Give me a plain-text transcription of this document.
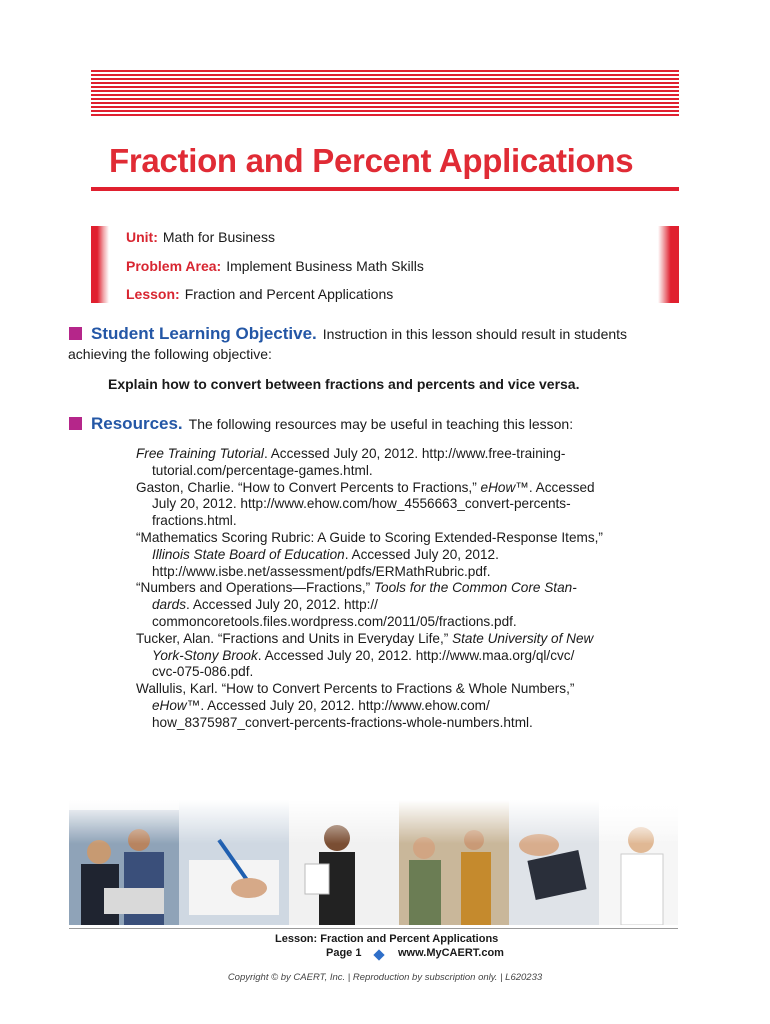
Fraction and Percent Applications
Unit: Math for Business
Problem Area: Implement Business Math Skills
Lesson: Fraction and Percent Applications
Student Learning Objective. Instruction in this lesson should result in students
achieving the following objective:
Explain how to convert between fractions and percents and vice versa.
Resources. The following resources may be useful in teaching this lesson:
Free Training Tutorial. Accessed July 20, 2012. http://www.free-training-
tutorial.com/percentage-games.html.
Gaston, Charlie. “How to Convert Percents to Fractions,” eHow™. Accessed
July 20, 2012. http://www.ehow.com/how_4556663_convert-percents-
fractions.html.
“Mathematics Scoring Rubric: A Guide to Scoring Extended-Response Items,”
Illinois State Board of Education. Accessed July 20, 2012.
http://www.isbe.net/assessment/pdfs/ERMathRubric.pdf.
“Numbers and Operations—Fractions,” Tools for the Common Core Stan-
dards. Accessed July 20, 2012. http://
commoncoretools.files.wordpress.com/2011/05/fractions.pdf.
Tucker, Alan. “Fractions and Units in Everyday Life,” State University of New
York-Stony Brook. Accessed July 20, 2012. http://www.maa.org/ql/cvc/
cvc-075-086.pdf.
Wallulis, Karl. “How to Convert Percents to Fractions & Whole Numbers,”
eHow™. Accessed July 20, 2012. http://www.ehow.com/
how_8375987_convert-percents-fractions-whole-numbers.html.
Lesson: Fraction and Percent Applications
Page 1	www.MyCAERT.com
Copyright © by CAERT, Inc. | Reproduction by subscription only. | L620233
